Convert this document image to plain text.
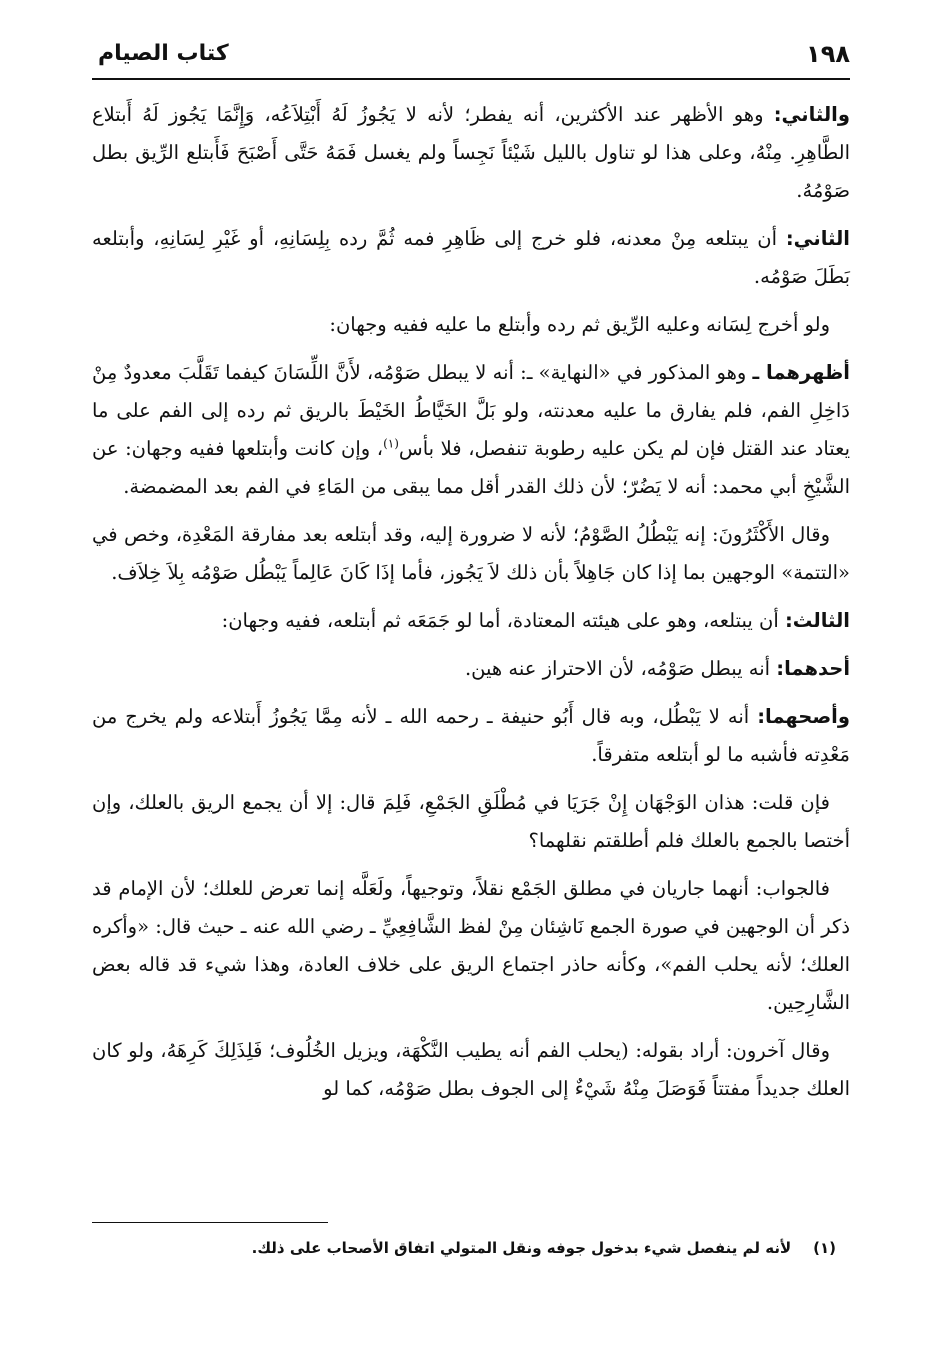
١٩٨
كتاب الصيام

والثاني: وهو الأظهر عند الأكثرين، أنه يفطر؛ لأنه لا يَجُوزُ لَهُ أَبْتِلاَعُه، وَإِنَّمَا يَجُوز لَهُ أَبتلاع الطَّاهِرِ. مِنْهُ، وعلى هذا لو تناول بالليل شَيْئاً نَجِساً ولم يغسل فَمَهُ حَتَّى أَصْبَحَ فَأَبتلع الرِّيق بطل صَوْمُهُ.

الثاني: أن يبتلعه مِنْ معدنه، فلو خرج إلى ظَاهِرِ فمه ثُمَّ رده بِلِسَانِهِ، أو غَيْرِ لِسَانِهِ، وأبتلعه بَطَلَ صَوْمُه.

ولو أخرج لِسَانه وعليه الرِّيق ثم رده وأبتلع ما عليه ففيه وجهان:

أظهرهما ـ وهو المذكور في «النهاية» ـ: أنه لا يبطل صَوْمُه، لأَنَّ اللِّسَانَ كيفما تَقَلَّبَ معدودٌ مِنْ دَاخِلِ الفم، فلم يفارق ما عليه معدنته، ولو بَلَّ الخَيَّاطُ الخَيْطَ بالريق ثم رده إلى الفم على ما يعتاد عند القتل فإن لم يكن عليه رطوبة تنفصل، فلا بأس$^{(١)}$، وإن كانت وأبتلعها ففيه وجهان: عن الشَّيْخِ أبي محمد: أنه لا يَضُرّ؛ لأن ذلك القدر أقل مما يبقى من المَاءِ في الفم بعد المضمضة.

وقال الأَكْثَرُونَ: إنه يَبْطُلُ الصَّوْمُ؛ لأنه لا ضرورة إليه، وقد أبتلعه بعد مفارقة المَعْدِة، وخص في «التتمة» الوجهين بما إذا كان جَاهِلاً بأن ذلك لاَ يَجُوز، فأما إذَا كَانَ عَالِماً يَبْطُل صَوْمُه بِلاَ خِلاَف.

الثالث: أن يبتلعه، وهو على هيئته المعتادة، أما لو جَمَعَه ثم أبتلعه، ففيه وجهان:

أحدهما: أنه يبطل صَوْمُه، لأن الاحتراز عنه هين.

وأصحهما: أنه لا يَبْطُل، وبه قال أَبُو حنيفة ـ رحمه الله ـ لأنه مِمَّا يَجُوزُ أَبتلاعه ولم يخرج من مَعْدِته فأشبه ما لو أبتلعه متفرقاً.

فإن قلت: هذان الوَجْهَان إِنْ جَرَيَا في مُطْلَقِ الجَمْعِ، فَلِمَ قال: إلا أن يجمع الريق بالعلك، وإن أختصا بالجمع بالعلك فلم أطلقتم نقلهما؟

فالجواب: أنهما جاريان في مطلق الجَمْع نقلاً، وتوجيهاً، ولَعَلَّه إنما تعرض للعلك؛ لأن الإمام قد ذكر أن الوجهين في صورة الجمع نَاشِئان مِنْ لفظ الشَّافِعِيِّ ـ رضي الله عنه ـ حيث قال: «وأكره العلك؛ لأنه يحلب الفم»، وكأنه حاذر اجتماع الريق على خلاف العادة، وهذا شيء قد قاله بعض الشَّارِحِين.

وقال آخرون: أراد بقوله: (يحلب الفم أنه يطيب النَّكْهَة، ويزيل الخُلُوف؛ فَلِذَلِكَ كَرِهَهُ، ولو كان العلك جديداً مفتتاً فَوَصَلَ مِنْهُ شَيْءٌ إلى الجوف بطل صَوْمُه، كما لو

(١)لأنه لم ينفصل شيء بدخول جوفه ونقل المتولي اتفاق الأصحاب على ذلك.
